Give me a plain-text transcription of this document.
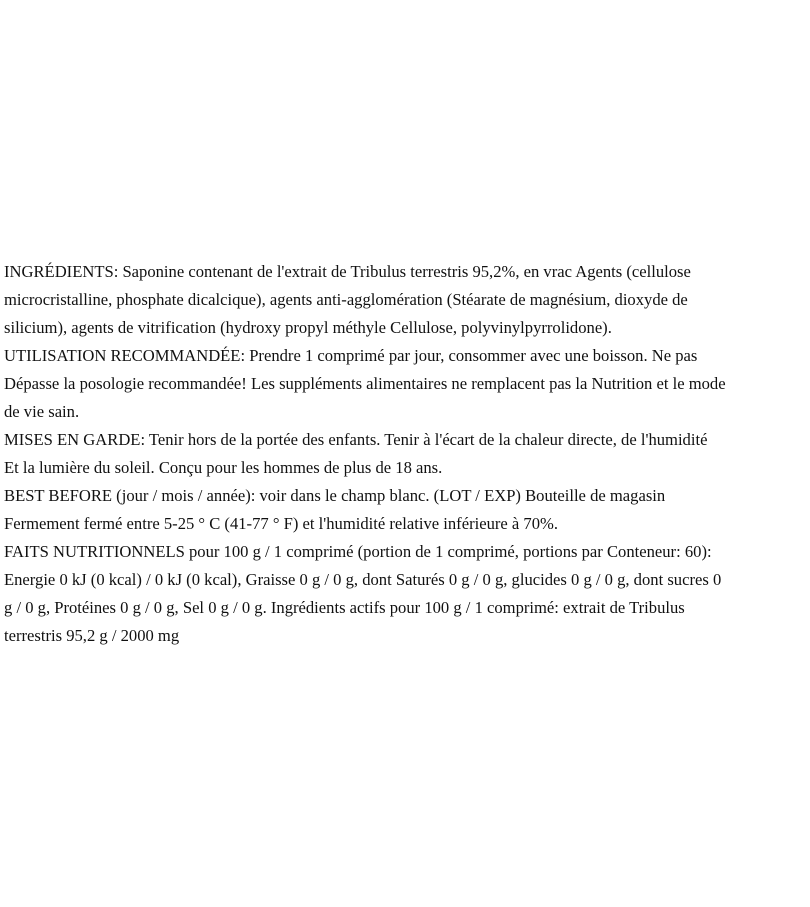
INGRÉDIENTS: Saponine contenant de l'extrait de Tribulus terrestris 95,2%, en vrac Agents (cellulose
microcristalline, phosphate dicalcique), agents anti-agglomération (Stéarate de magnésium, dioxyde de
silicium), agents de vitrification (hydroxy propyl méthyle Cellulose, polyvinylpyrrolidone).
UTILISATION RECOMMANDÉE: Prendre 1 comprimé par jour, consommer avec une boisson. Ne pas
Dépasse la posologie recommandée! Les suppléments alimentaires ne remplacent pas la Nutrition et le mode
de vie sain.
MISES EN GARDE: Tenir hors de la portée des enfants. Tenir à l'écart de la chaleur directe, de l'humidité
Et la lumière du soleil. Conçu pour les hommes de plus de 18 ans.
BEST BEFORE (jour / mois / année): voir dans le champ blanc. (LOT / EXP) Bouteille de magasin
Fermement fermé entre 5-25 ° C (41-77 ° F) et l'humidité relative inférieure à 70%.
FAITS NUTRITIONNELS pour 100 g / 1 comprimé (portion de 1 comprimé, portions par Conteneur: 60):
Energie 0 kJ (0 kcal) / 0 kJ (0 kcal), Graisse 0 g / 0 g, dont Saturés 0 g / 0 g, glucides 0 g / 0 g, dont sucres 0
g / 0 g, Protéines 0 g / 0 g, Sel 0 g / 0 g. Ingrédients actifs pour 100 g / 1 comprimé: extrait de Tribulus
terrestris 95,2 g / 2000 mg
